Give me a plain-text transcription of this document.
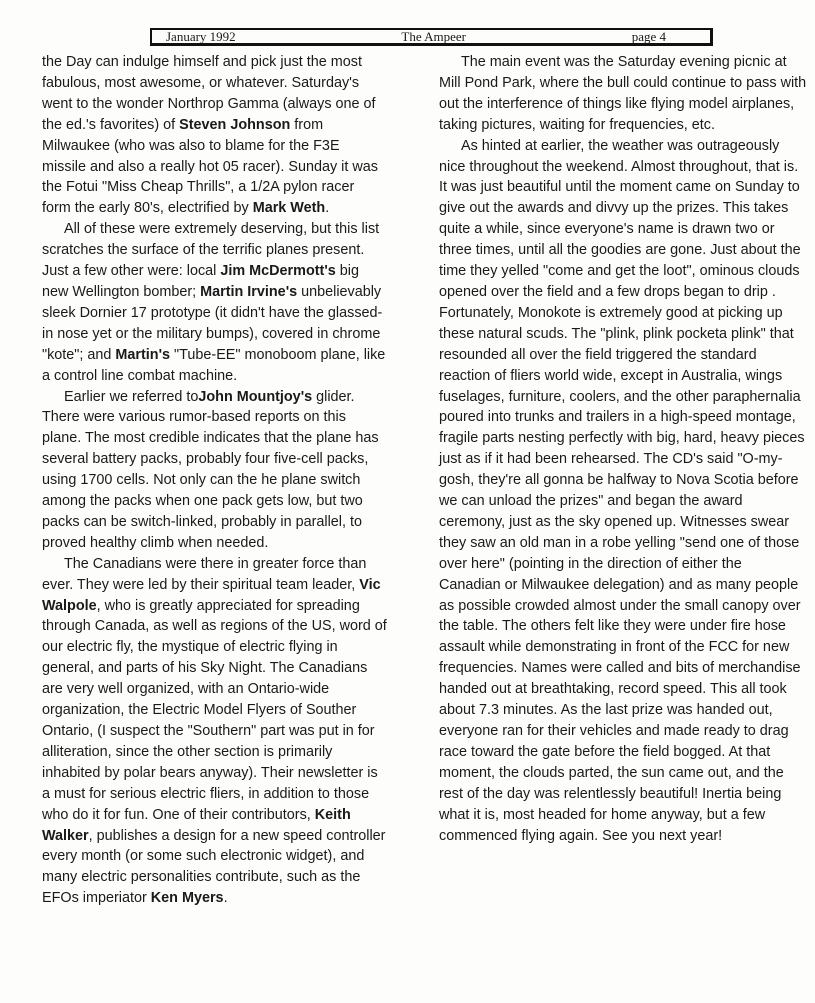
January 1992	The Ampeer	page 4

the Day can indulge himself and pick just the most fabulous, most awesome, or whatever. Saturday's went to the wonder Northrop Gamma (always one of the ed.'s favorites) of Steven Johnson from Milwaukee (who was also to blame for the F3E missile and also a really hot 05 racer). Sunday it was the Fotui "Miss Cheap Thrills", a 1/2A pylon racer form the early 80's, electrified by Mark Weth.

All of these were extremely deserving, but this list scratches the surface of the terrific planes present. Just a few other were: local Jim McDermott's big new Wellington bomber; Martin Irvine's unbelievably sleek Dornier 17 prototype (it didn't have the glassed-in nose yet or the military bumps), covered in chrome "kote"; and Martin's "Tube-EE" monoboom plane, like a control line combat machine.

Earlier we referred toJohn Mountjoy's glider. There were various rumor-based reports on this plane. The most credible indicates that the plane has several battery packs, probably four five-cell packs, using 1700 cells. Not only can the he plane switch among the packs when one pack gets low, but two packs can be switch-linked, probably in parallel, to proved healthy climb when needed.

The Canadians were there in greater force than ever. They were led by their spiritual team leader, Vic Walpole, who is greatly appreciated for spreading through Canada, as well as regions of the US, word of our electric fly, the mystique of electric flying in general, and parts of his Sky Night. The Canadians are very well organized, with an Ontario-wide organization, the Electric Model Flyers of Souther Ontario, (I suspect the "Southern" part was put in for alliteration, since the other section is primarily inhabited by polar bears anyway). Their newsletter is a must for serious electric fliers, in addition to those who do it for fun. One of their contributors, Keith Walker, publishes a design for a new speed controller every month (or some such electronic widget), and many electric personalities contribute, such as the EFOs imperiator Ken Myers.

The main event was the Saturday evening picnic at Mill Pond Park, where the bull could continue to pass with out the interference of things like flying model airplanes, taking pictures, waiting for frequencies, etc.

As hinted at earlier, the weather was outrageously nice throughout the weekend. Almost throughout, that is. It was just beautiful until the moment came on Sunday to give out the awards and divvy up the prizes. This takes quite a while, since everyone's name is drawn two or three times, until all the goodies are gone. Just about the time they yelled "come and get the loot", ominous clouds opened over the field and a few drops began to drip . Fortunately, Monokote is extremely good at picking up these natural scuds. The "plink, plink pocketa plink" that resounded all over the field triggered the standard reaction of fliers world wide, except in Australia, wings fuselages, furniture, coolers, and the other paraphernalia poured into trunks and trailers in a high-speed montage, fragile parts nesting perfectly with big, hard, heavy pieces just as if it had been rehearsed. The CD's said "O-my-gosh, they're all gonna be halfway to Nova Scotia before we can unload the prizes" and began the award ceremony, just as the sky opened up. Witnesses swear they saw an old man in a robe yelling "send one of those over here" (pointing in the direction of either the Canadian or Milwaukee delegation) and as many people as possible crowded almost under the small canopy over the table. The others felt like they were under fire hose assault while demonstrating in front of the FCC for new frequencies. Names were called and bits of merchandise handed out at breathtaking, record speed. This all took about 7.3 minutes. As the last prize was handed out, everyone ran for their vehicles and made ready to drag race toward the gate before the field bogged. At that moment, the clouds parted, the sun came out, and the rest of the day was relentlessly beautiful! Inertia being what it is, most headed for home anyway, but a few commenced flying again. See you next year!
